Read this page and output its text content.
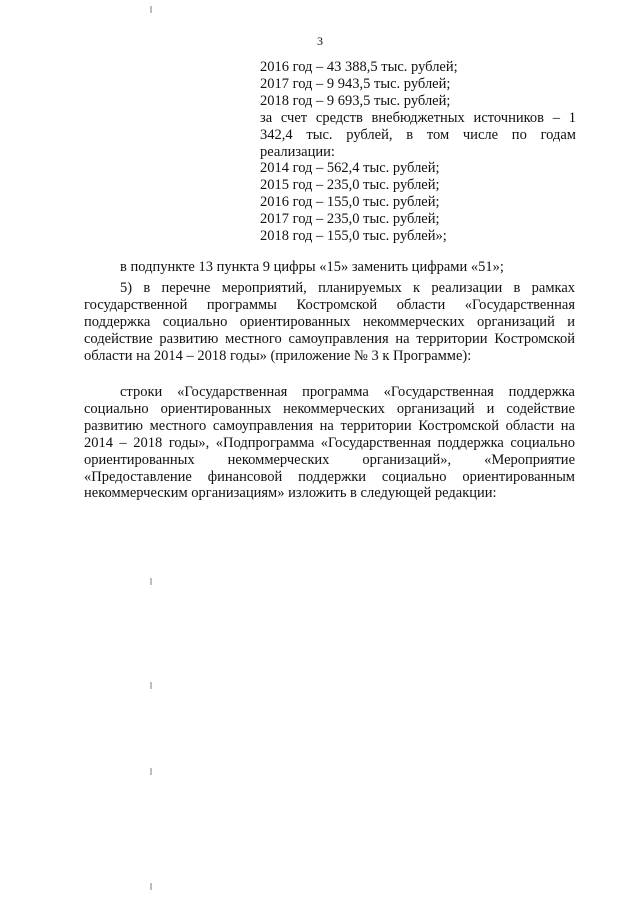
3
2016 год – 43 388,5 тыс. рублей;
2017 год – 9 943,5 тыс. рублей;
2018 год – 9 693,5 тыс. рублей;
за счет средств внебюджетных источников – 1 342,4 тыс. рублей, в том числе по годам реализации:
2014 год – 562,4 тыс. рублей;
2015 год – 235,0 тыс. рублей;
2016 год – 155,0 тыс. рублей;
2017 год – 235,0 тыс. рублей;
2018 год – 155,0 тыс. рублей»;

в подпункте 13 пункта 9 цифры «15» заменить цифрами «51»;

5) в перечне мероприятий, планируемых к реализации в рамках государственной программы Костромской области «Государственная поддержка социально ориентированных некоммерческих организаций и содействие развитию местного самоуправления на территории Костромской области на 2014 – 2018 годы» (приложение № 3 к Программе):

строки «Государственная программа «Государственная поддержка социально ориентированных некоммерческих организаций и содействие развитию местного самоуправления на территории Костромской области на 2014 – 2018 годы», «Подпрограмма «Государственная поддержка социально ориентированных некоммерческих организаций», «Мероприятие «Предоставление финансовой поддержки социально ориентированным некоммерческим организациям» изложить в следующей редакции:
